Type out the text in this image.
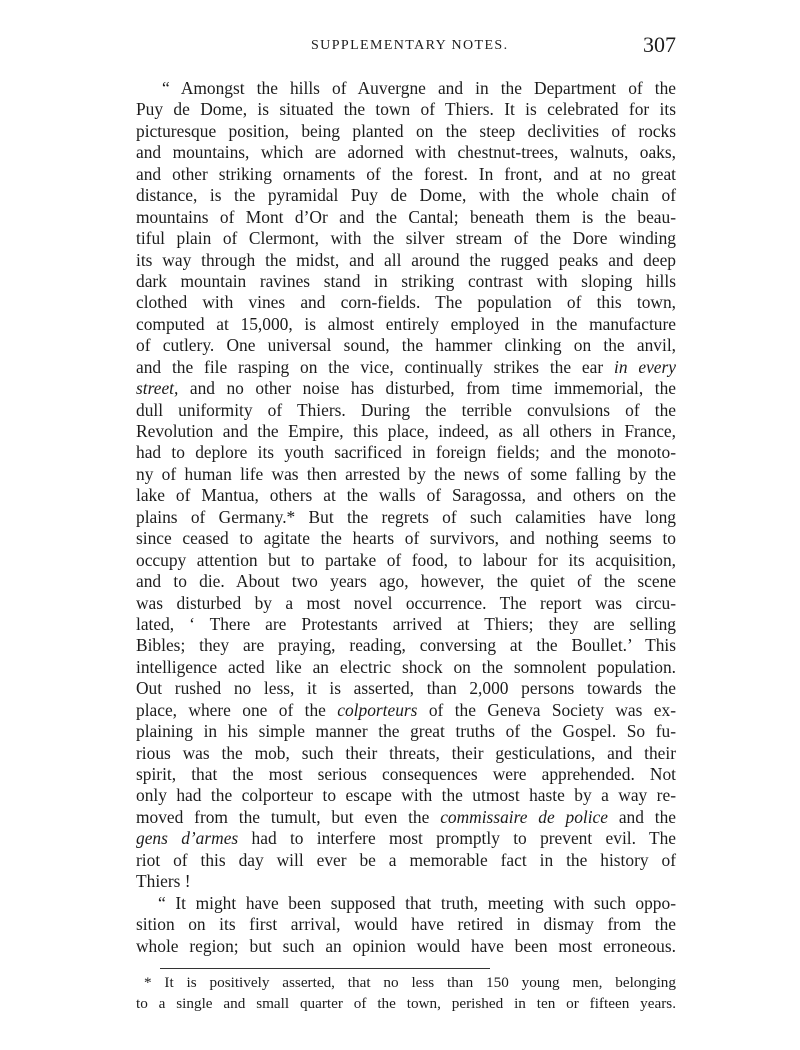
SUPPLEMENTARY NOTES.	307
“ Amongst the hills of Auvergne and in the Department of the
Puy de Dome, is situated the town of Thiers. It is celebrated for its
picturesque position, being planted on the steep declivities of rocks
and mountains, which are adorned with chestnut-trees, walnuts, oaks,
and other striking ornaments of the forest. In front, and at no great
distance, is the pyramidal Puy de Dome, with the whole chain of
mountains of Mont d’Or and the Cantal; beneath them is the beau-
tiful plain of Clermont, with the silver stream of the Dore winding
its way through the midst, and all around the rugged peaks and deep
dark mountain ravines stand in striking contrast with sloping hills
clothed with vines and corn-fields. The population of this town,
computed at 15,000, is almost entirely employed in the manufacture
of cutlery. One universal sound, the hammer clinking on the anvil,
and the file rasping on the vice, continually strikes the ear in every
street, and no other noise has disturbed, from time immemorial, the
dull uniformity of Thiers. During the terrible convulsions of the
Revolution and the Empire, this place, indeed, as all others in France,
had to deplore its youth sacrificed in foreign fields; and the monoto-
ny of human life was then arrested by the news of some falling by the
lake of Mantua, others at the walls of Saragossa, and others on the
plains of Germany.* But the regrets of such calamities have long
since ceased to agitate the hearts of survivors, and nothing seems to
occupy attention but to partake of food, to labour for its acquisition,
and to die. About two years ago, however, the quiet of the scene
was disturbed by a most novel occurrence. The report was circu-
lated, ‘ There are Protestants arrived at Thiers; they are selling
Bibles; they are praying, reading, conversing at the Boullet.’ This
intelligence acted like an electric shock on the somnolent population.
Out rushed no less, it is asserted, than 2,000 persons towards the
place, where one of the colporteurs of the Geneva Society was ex-
plaining in his simple manner the great truths of the Gospel. So fu-
rious was the mob, such their threats, their gesticulations, and their
spirit, that the most serious consequences were apprehended. Not
only had the colporteur to escape with the utmost haste by a way re-
moved from the tumult, but even the commissaire de police and the
gens d’armes had to interfere most promptly to prevent evil. The
riot of this day will ever be a memorable fact in the history of
Thiers !
“ It might have been supposed that truth, meeting with such oppo-
sition on its first arrival, would have retired in dismay from the
whole region; but such an opinion would have been most erroneous.
* It is positively asserted, that no less than 150 young men, belonging
to a single and small quarter of the town, perished in ten or fifteen years.
